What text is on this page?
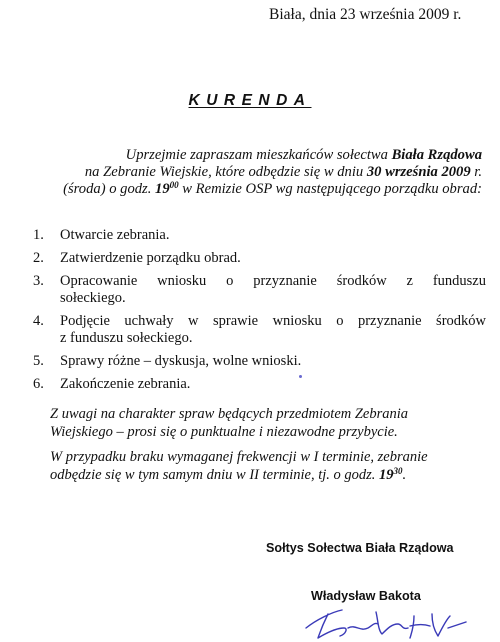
Biała, dnia 23 września 2009 r.
KURENDA
Uprzejmie zapraszam mieszkańców sołectwa Biała Rządowa
na Zebranie Wiejskie, które odbędzie się w dniu 30 września 2009 r.
(środa) o godz. $19^{00}$ w Remizie OSP wg następującego porządku obrad:
1. Otwarcie zebrania.
2. Zatwierdzenie porządku obrad.
3. Opracowanie wniosku o przyznanie środków z funduszu
sołeckiego.
4. Podjęcie uchwały w sprawie wniosku o przyznanie środków
z funduszu sołeckiego.
5. Sprawy różne – dyskusja, wolne wnioski.
6. Zakończenie zebrania.
Z uwagi na charakter spraw będących przedmiotem Zebrania
Wiejskiego – prosi się o punktualne i niezawodne przybycie.
W przypadku braku wymaganej frekwencji w I terminie, zebranie
odbędzie się w tym samym dniu w II terminie, tj. o godz. $19^{30}$.
Sołtys Sołectwa Biała Rządowa
Władysław Bakota
